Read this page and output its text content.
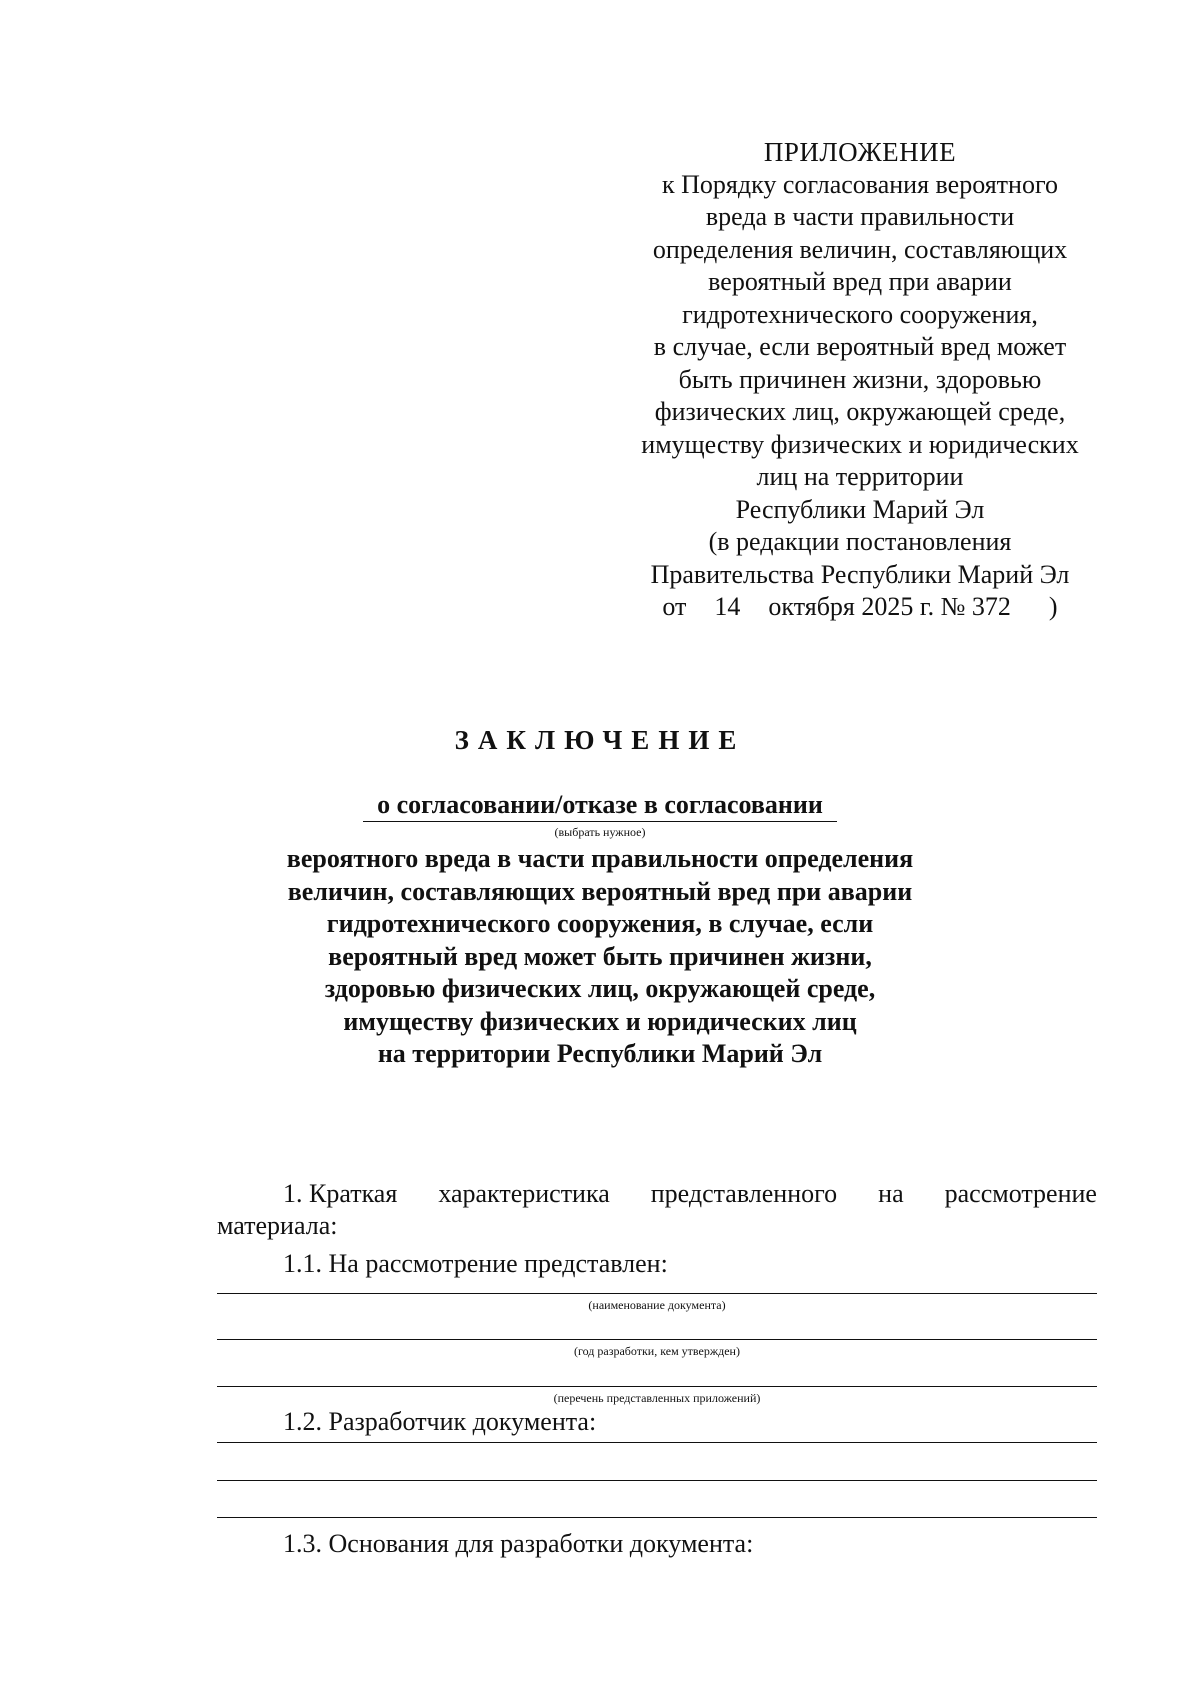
ПРИЛОЖЕНИЕ
к Порядку согласования вероятного
вреда в части правильности
определения величин, составляющих
вероятный вред при аварии
гидротехнического сооружения,
в случае, если вероятный вред может
быть причинен жизни, здоровью
физических лиц, окружающей среде,
имуществу физических и юридических
лиц на территории
Республики Марий Эл
(в редакции постановления
Правительства Республики Марий Эл
от 14 октября 2025 г. № 372 )
ЗАКЛЮЧЕНИЕ
о согласовании/отказе в согласовании
(выбрать нужное)
вероятного вреда в части правильности определения
величин, составляющих вероятный вред при аварии
гидротехнического сооружения, в случае, если
вероятный вред может быть причинен жизни,
здоровью физических лиц, окружающей среде,
имуществу физических и юридических лиц
на территории Республики Марий Эл
1. Краткая характеристика представленного на рассмотрение
материала:
1.1. На рассмотрение представлен:
(наименование документа)
(год разработки, кем утвержден)
(перечень представленных приложений)
1.2. Разработчик документа:
1.3. Основания для разработки документа:
